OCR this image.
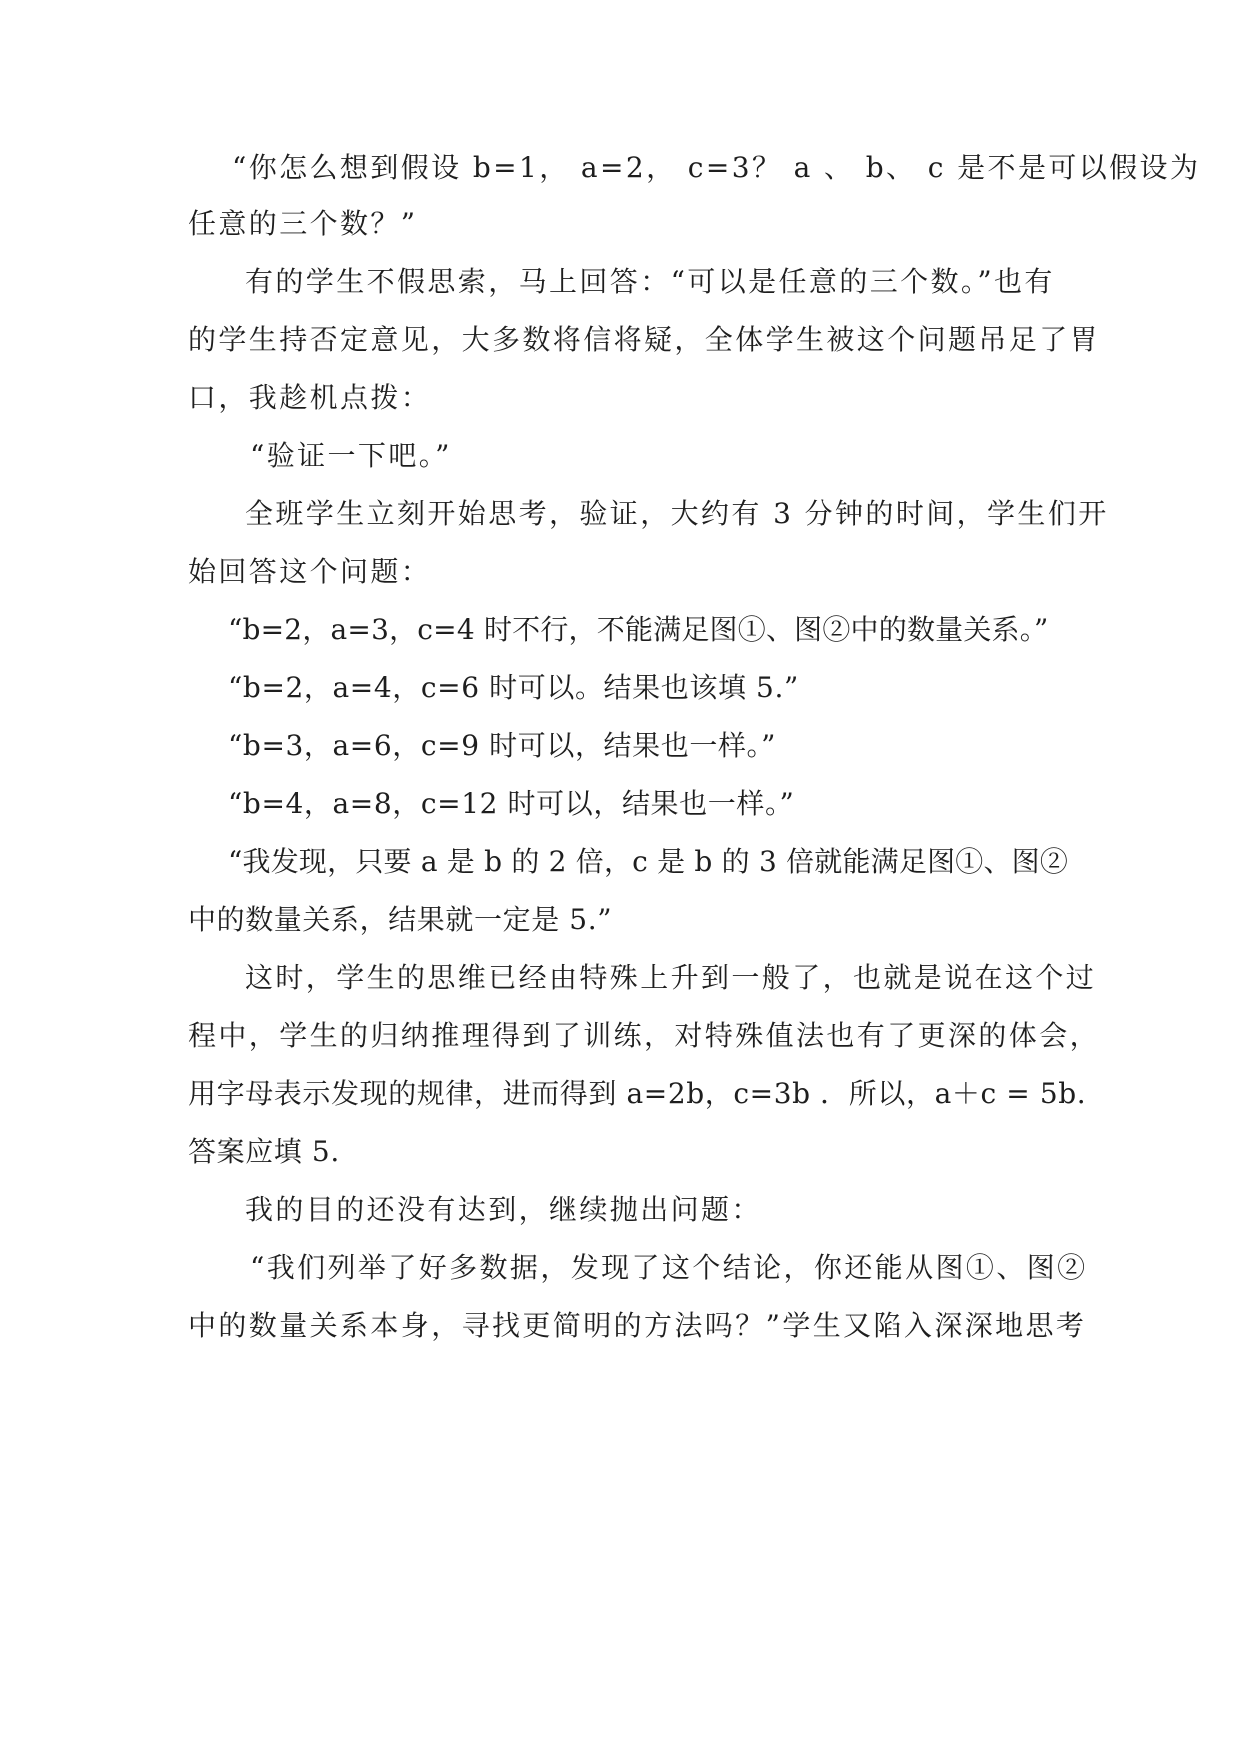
“你怎么想到假设 b=1， a=2， c=3？ a 、 b、 c 是不是可以假设为
任意的三个数？”
有的学生不假思索，马上回答：“可以是任意的三个数。”也有
的学生持否定意见，大多数将信将疑，全体学生被这个问题吊足了胃
口，我趁机点拨：
“验证一下吧。”
全班学生立刻开始思考，验证，大约有 3 分钟的时间，学生们开
始回答这个问题：
“b=2，a=3，c=4 时不行，不能满足图①、图②中的数量关系。”
“b=2，a=4，c=6 时可以。结果也该填 5.”
“b=3，a=6，c=9 时可以，结果也一样。”
“b=4，a=8，c=12 时可以，结果也一样。”
“我发现，只要 a 是 b 的 2 倍，c 是 b 的 3 倍就能满足图①、图②
中的数量关系，结果就一定是 5.”
这时，学生的思维已经由特殊上升到一般了，也就是说在这个过
程中，学生的归纳推理得到了训练，对特殊值法也有了更深的体会，
用字母表示发现的规律，进而得到 a=2b，c=3b ．所以，a＋c = 5b.
答案应填 5.
我的目的还没有达到，继续抛出问题：
“我们列举了好多数据，发现了这个结论，你还能从图①、图②
中的数量关系本身，寻找更简明的方法吗？”学生又陷入深深地思考
